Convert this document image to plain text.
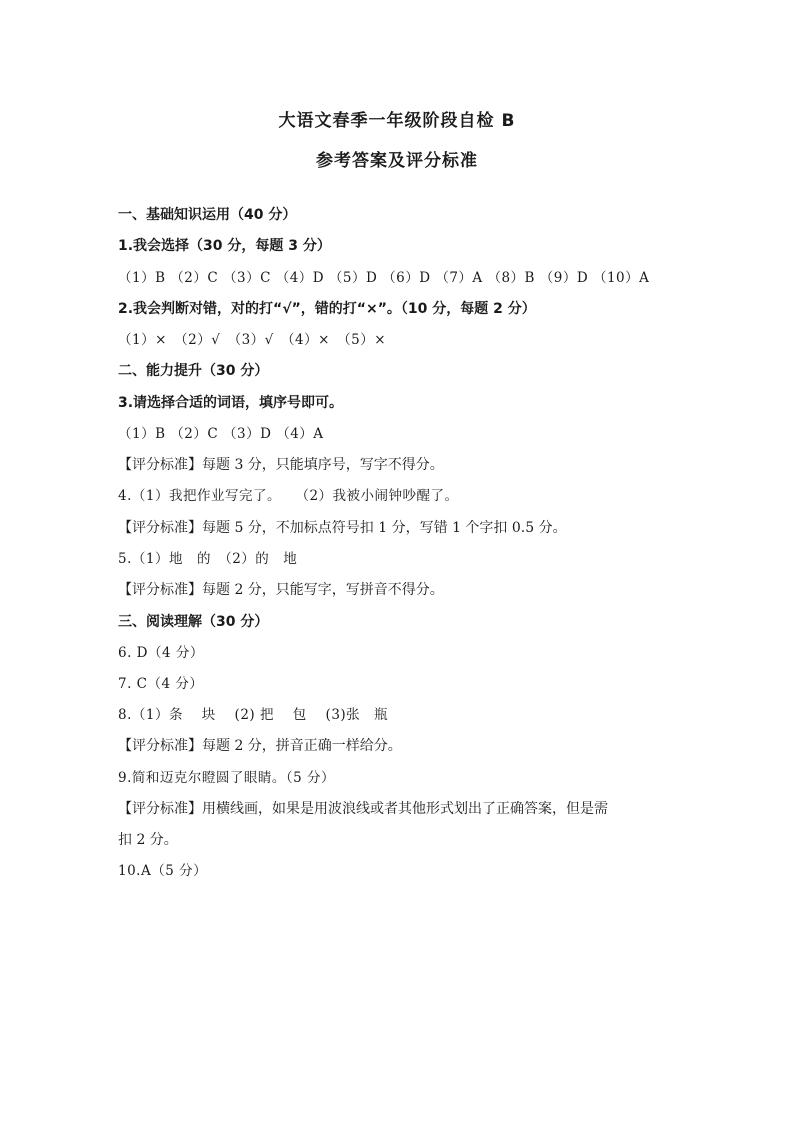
大语文春季一年级阶段自检 B
参考答案及评分标准
一、基础知识运用（40 分）
1.我会选择（30 分，每题 3 分）
（1）B （2）C （3）C （4）D （5）D （6）D （7）A （8）B （9）D （10）A
2.我会判断对错，对的打“√”，错的打“×”。（10 分，每题 2 分）
（1）×　（2）√　（3）√　（4）×　（5）×
二、能力提升（30 分）
3.请选择合适的词语，填序号即可。
（1）B （2）C （3）D （4）A
【评分标准】每题 3 分，只能填序号，写字不得分。
4.（1）我把作业写完了。　　（2）我被小闹钟吵醒了。
【评分标准】每题 5 分，不加标点符号扣 1 分，写错 1 个字扣 0.5 分。
5.（1）地　的　（2）的　地
【评分标准】每题 2 分，只能写字，写拼音不得分。
三、阅读理解（30 分）
6. D（4 分）
7. C（4 分）
8.（1）条　 块　 (2) 把　 包　 (3)张　瓶
【评分标准】每题 2 分，拼音正确一样给分。
9.简和迈克尔瞪圆了眼睛。（5 分）
【评分标准】用横线画，如果是用波浪线或者其他形式划出了正确答案，但是需
扣 2 分。
10.A（5 分）
